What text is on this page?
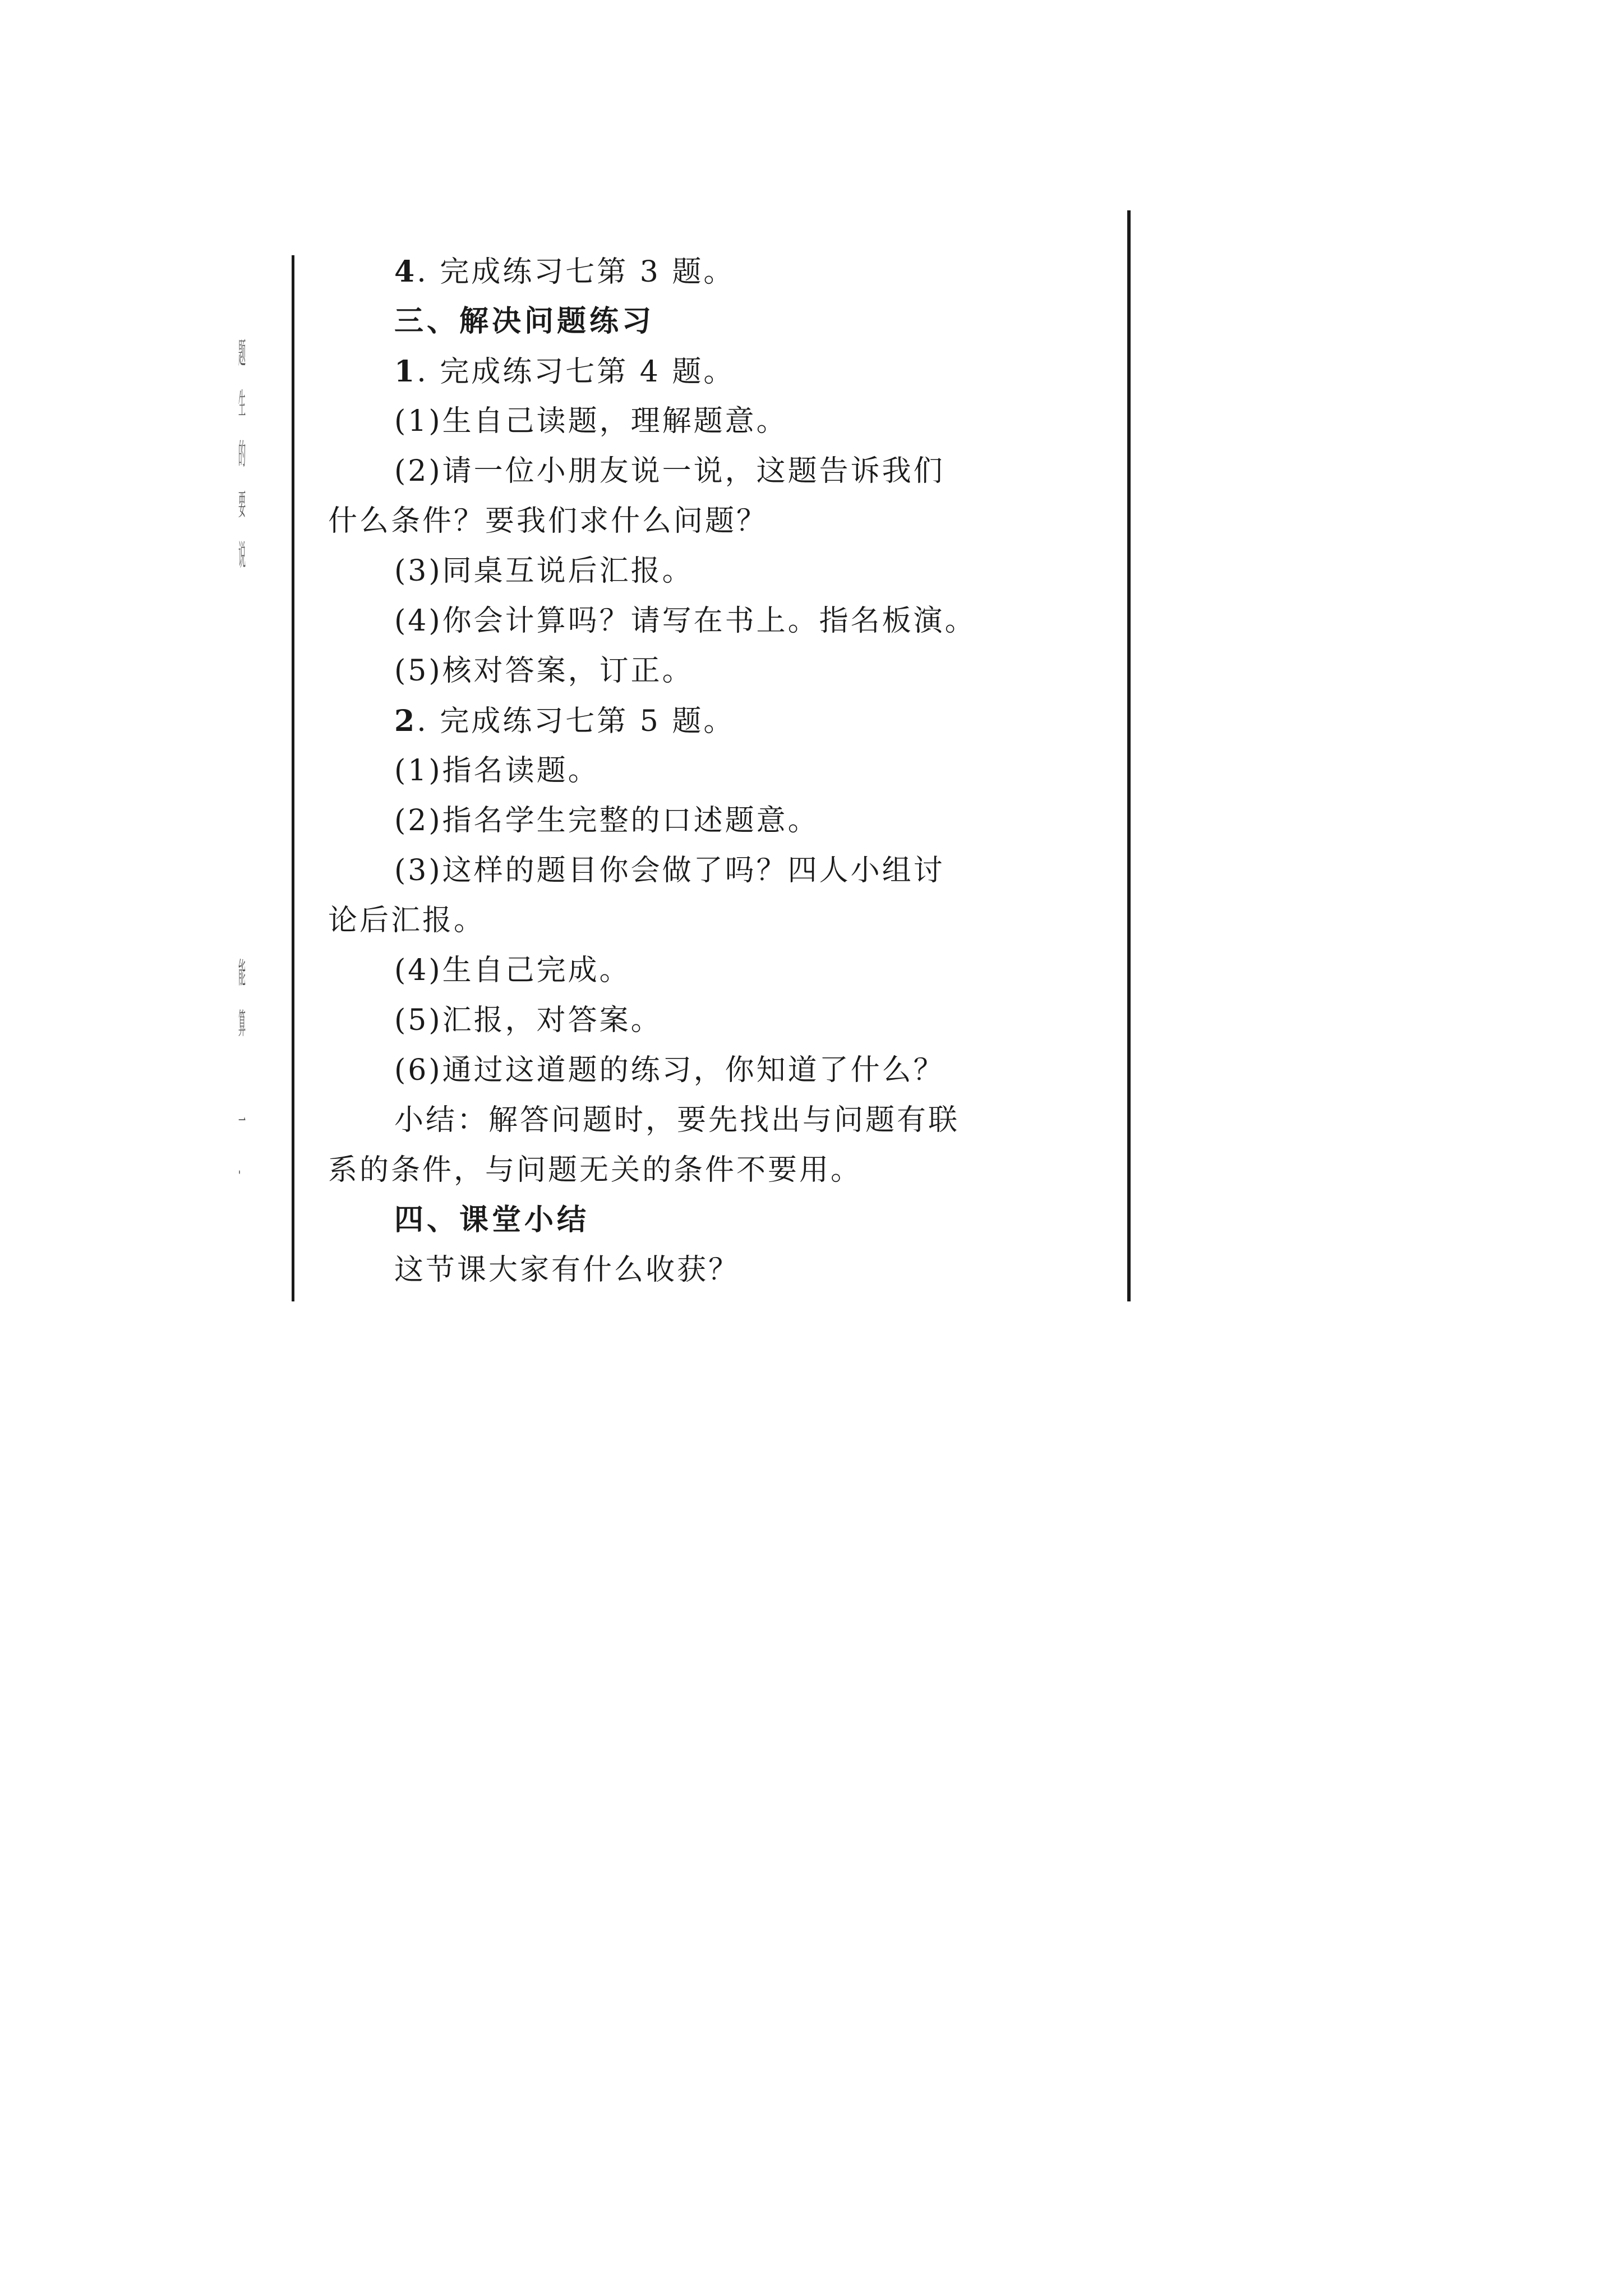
题
生
的
要
说
能
算
一
·
4. 完成练习七第 3 题。
三、解决问题练习
1. 完成练习七第 4 题。
(1)生自己读题，理解题意。
(2)请一位小朋友说一说，这题告诉我们
什么条件？要我们求什么问题？
(3)同桌互说后汇报。
(4)你会计算吗？请写在书上。指名板演。
(5)核对答案，订正。
2. 完成练习七第 5 题。
(1)指名读题。
(2)指名学生完整的口述题意。
(3)这样的题目你会做了吗？四人小组讨
论后汇报。
(4)生自己完成。
(5)汇报，对答案。
(6)通过这道题的练习，你知道了什么？
小结：解答问题时，要先找出与问题有联
系的条件，与问题无关的条件不要用。
四、课堂小结
这节课大家有什么收获？
